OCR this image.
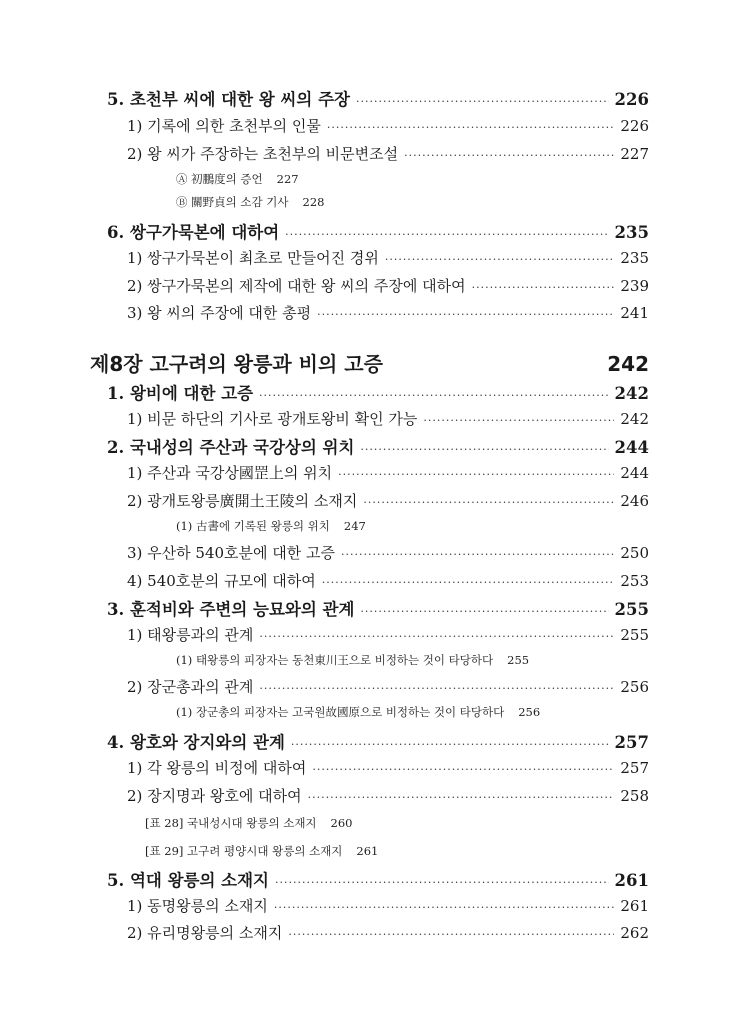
5. 초천부 씨에 대한 왕 씨의 주장 ·····	226
1) 기록에 의한 초천부의 인물 ·····	226
2) 왕 씨가 주장하는 초천부의 비문변조설 ·····	227
Ⓐ 初鵬度의 증언 227
Ⓑ 關野貞의 소감 기사 228
6. 쌍구가묵본에 대하여 ·····	235
1) 쌍구가묵본이 최초로 만들어진 경위 ·····	235
2) 쌍구가묵본의 제작에 대한 왕 씨의 주장에 대하여 ·····	239
3) 왕 씨의 주장에 대한 총평 ·····	241
제8장 고구려의 왕릉과 비의 고증	242
1. 왕비에 대한 고증 ·····	242
1) 비문 하단의 기사로 광개토왕비 확인 가능 ·····	242
2. 국내성의 주산과 국강상의 위치 ·····	244
1) 주산과 국강상國罡上의 위치 ·····	244
2) 광개토왕릉廣開土王陵의 소재지 ·····	246
(1) 古書에 기록된 왕릉의 위치 247
3) 우산하 540호분에 대한 고증 ·····	250
4) 540호분의 규모에 대하여 ·····	253
3. 훈적비와 주변의 능묘와의 관계 ·····	255
1) 태왕릉과의 관계 ·····	255
(1) 태왕릉의 피장자는 동천東川王으로 비정하는 것이 타당하다 255
2) 장군총과의 관계 ·····	256
(1) 장군총의 피장자는 고국원故國原으로 비정하는 것이 타당하다 256
4. 왕호와 장지와의 관계 ·····	257
1) 각 왕릉의 비정에 대하여 ·····	257
2) 장지명과 왕호에 대하여 ·····	258
[표 28] 국내성시대 왕릉의 소재지 260
[표 29] 고구려 평양시대 왕릉의 소재지 261
5. 역대 왕릉의 소재지 ·····	261
1) 동명왕릉의 소재지 ·····	261
2) 유리명왕릉의 소재지 ·····	262
